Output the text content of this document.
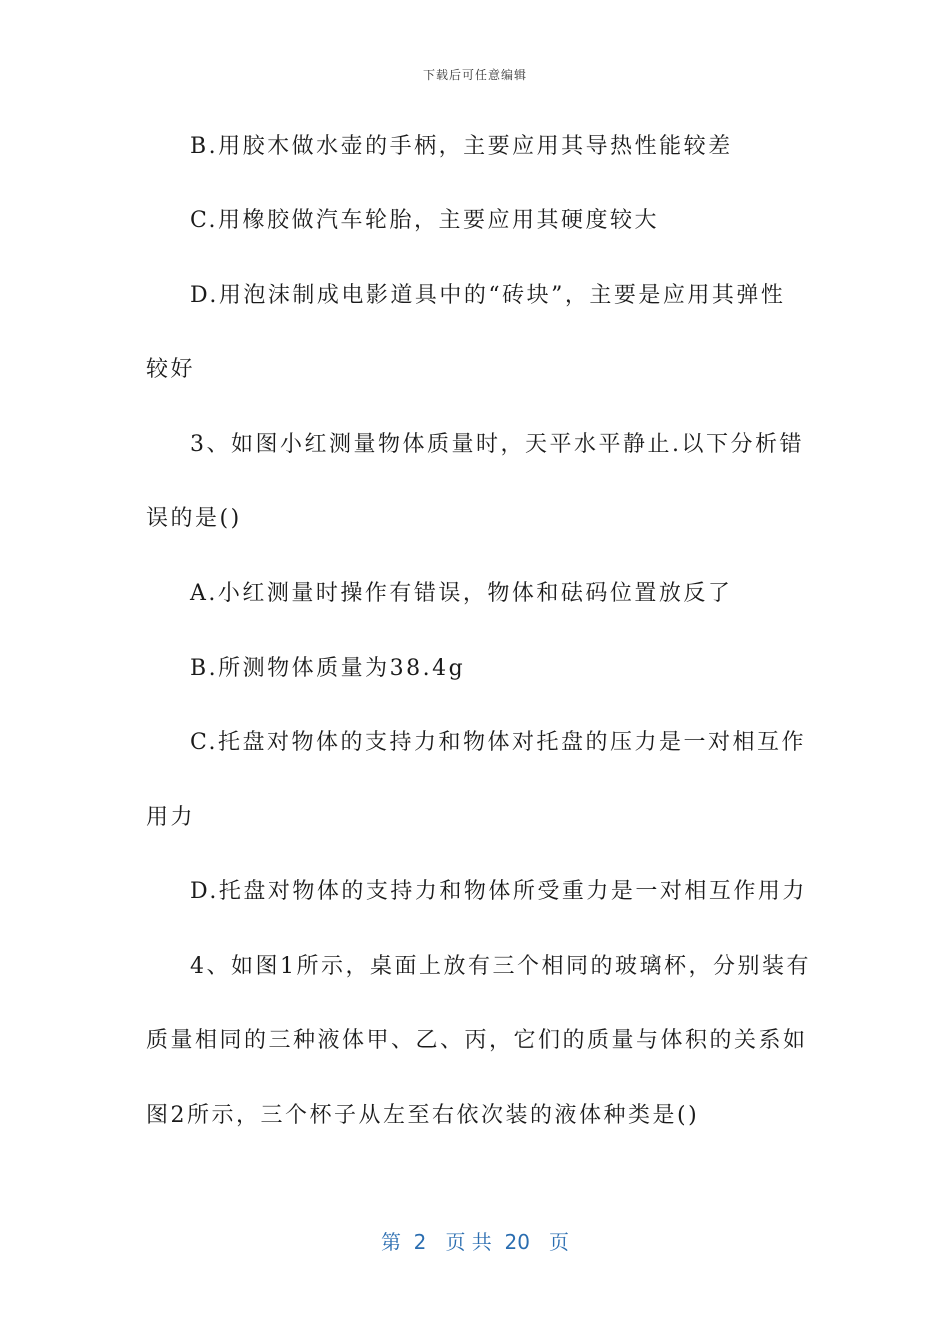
下载后可任意编辑
B.用胶木做水壶的手柄，主要应用其导热性能较差
C.用橡胶做汽车轮胎，主要应用其硬度较大
D.用泡沫制成电影道具中的“砖块”，主要是应用其弹性
较好
3、如图小红测量物体质量时，天平水平静止.以下分析错
误的是()
A.小红测量时操作有错误，物体和砝码位置放反了
B.所测物体质量为38.4g
C.托盘对物体的支持力和物体对托盘的压力是一对相互作
用力
D.托盘对物体的支持力和物体所受重力是一对相互作用力
4、如图1所示，桌面上放有三个相同的玻璃杯，分别装有
质量相同的三种液体甲、乙、丙，它们的质量与体积的关系如
图2所示，三个杯子从左至右依次装的液体种类是()
第  2   页 共  20   页
